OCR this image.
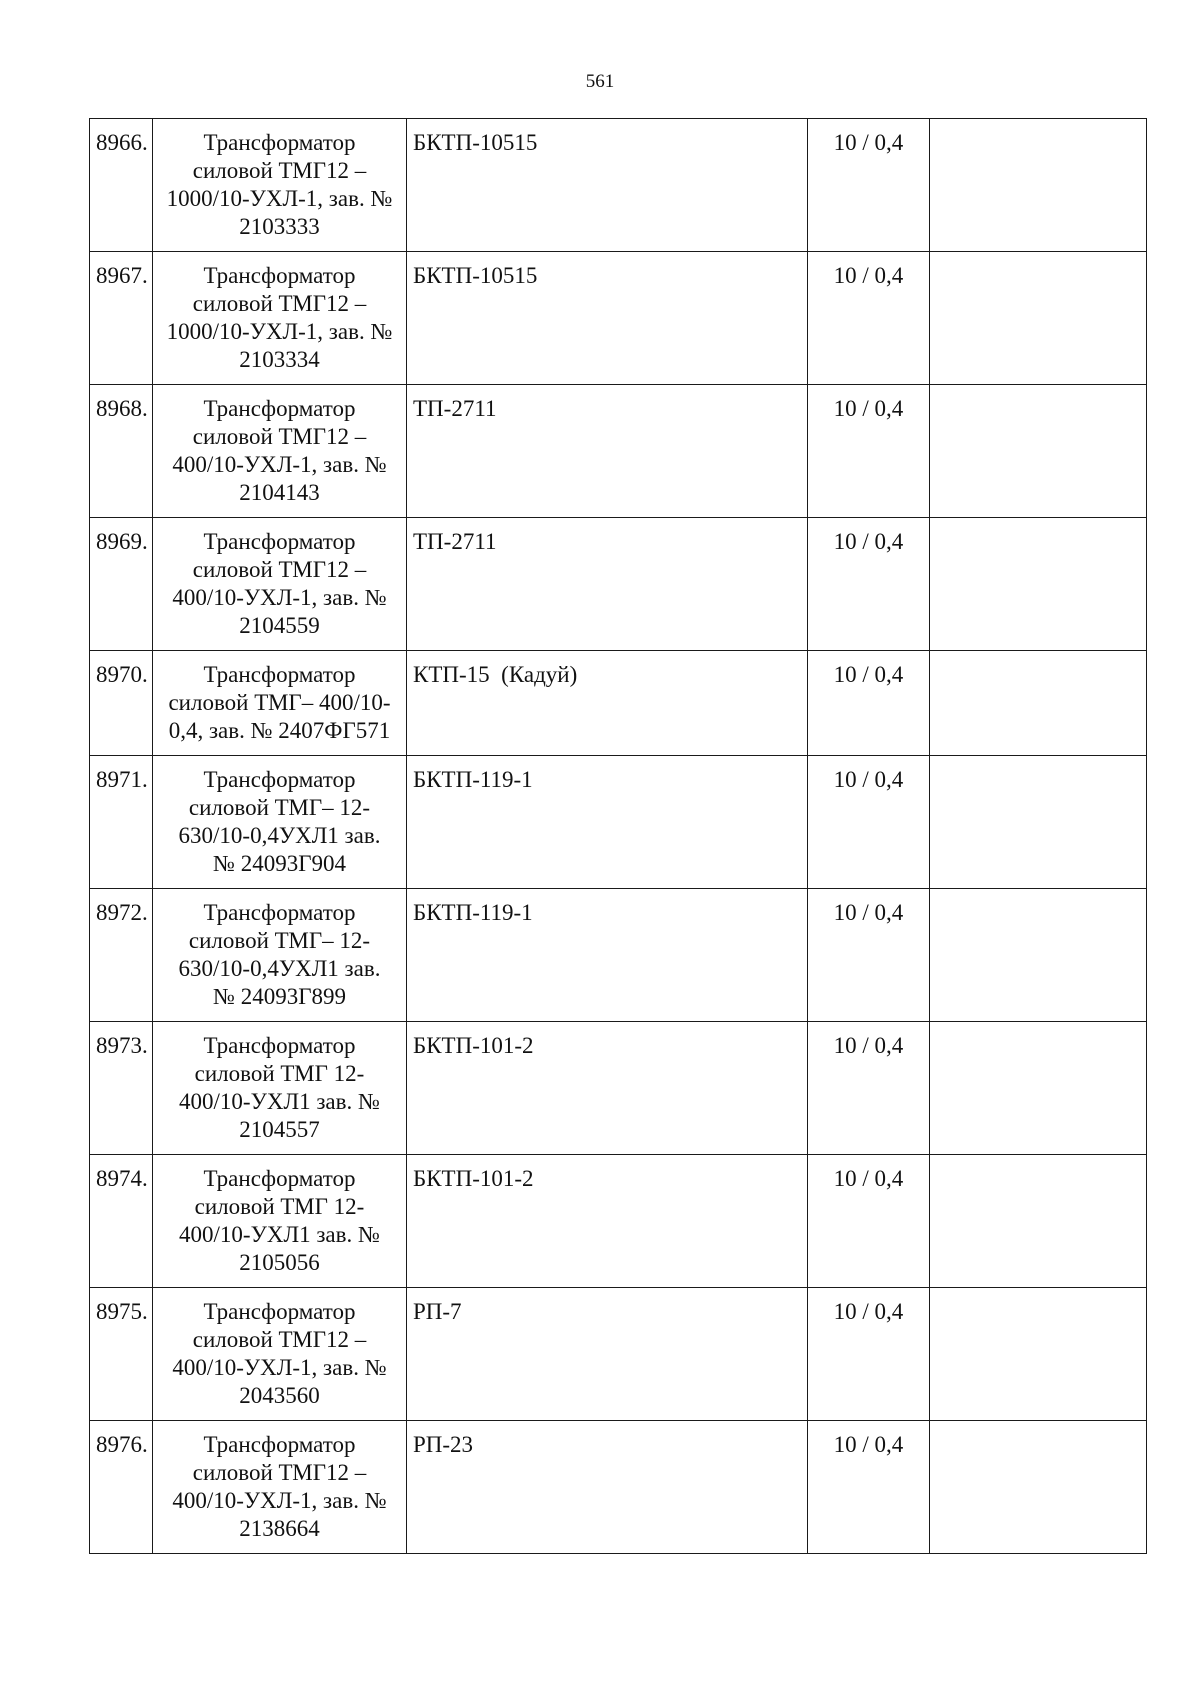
561
8966.	Трансформатор
силовой ТМГ12 –
1000/10-УХЛ-1, зав. №
2103333	БКТП-10515	10 / 0,4	
8967.	Трансформатор
силовой ТМГ12 –
1000/10-УХЛ-1, зав. №
2103334	БКТП-10515	10 / 0,4	
8968.	Трансформатор
силовой ТМГ12 –
400/10-УХЛ-1, зав. №
2104143	ТП-2711	10 / 0,4	
8969.	Трансформатор
силовой ТМГ12 –
400/10-УХЛ-1, зав. №
2104559	ТП-2711	10 / 0,4	
8970.	Трансформатор
силовой ТМГ– 400/10-
0,4, зав. № 2407ФГ571	КТП-15  (Кадуй)	10 / 0,4	
8971.	Трансформатор
силовой ТМГ– 12-
630/10-0,4УХЛ1 зав.
№ 24093Г904	БКТП-119-1	10 / 0,4	
8972.	Трансформатор
силовой ТМГ– 12-
630/10-0,4УХЛ1 зав.
№ 24093Г899	БКТП-119-1	10 / 0,4	
8973.	Трансформатор
силовой ТМГ 12-
400/10-УХЛ1 зав. №
2104557	БКТП-101-2	10 / 0,4	
8974.	Трансформатор
силовой ТМГ 12-
400/10-УХЛ1 зав. №
2105056	БКТП-101-2	10 / 0,4	
8975.	Трансформатор
силовой ТМГ12 –
400/10-УХЛ-1, зав. №
2043560	РП-7	10 / 0,4	
8976.	Трансформатор
силовой ТМГ12 –
400/10-УХЛ-1, зав. №
2138664	РП-23	10 / 0,4	
